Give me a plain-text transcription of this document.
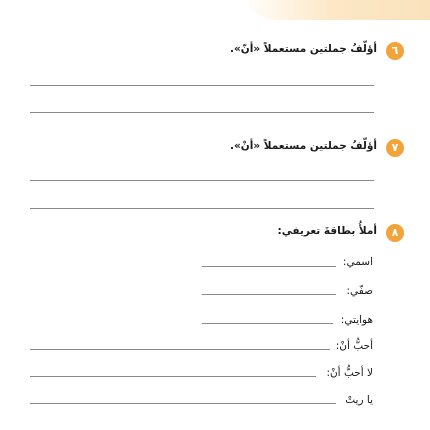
٦
أؤلّفُ جملتين مستعملاً «أنّ».
٧
أؤلّفُ جملتين مستعملاً «أنْ».
٨
أملأُ بطاقةَ تعريفي:
اسمي:
صفّي:
هوايتي:
أحبُّ أنْ:
لا أحبُّ أنْ:
يا ريتْ
